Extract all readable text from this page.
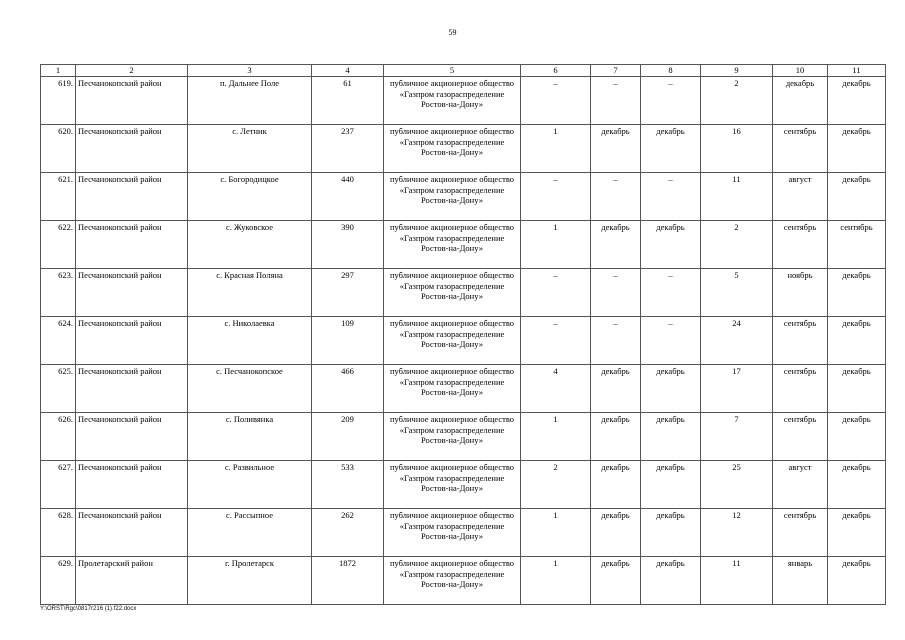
59
1	2	3	4	5	6	7	8	9	10	11
619.	Песчанокопский район	п. Дальнее Поле	61	публичное акционерное общество «Газпром газораспределение Ростов-на-Дону»	–	–	–	2	декабрь	декабрь
620.	Песчанокопский район	с. Летник	237	публичное акционерное общество «Газпром газораспределение Ростов-на-Дону»	1	декабрь	декабрь	16	сентябрь	декабрь
621.	Песчанокопский район	с. Богородицкое	440	публичное акционерное общество «Газпром газораспределение Ростов-на-Дону»	–	–	–	11	август	декабрь
622.	Песчанокопский район	с. Жуковское	390	публичное акционерное общество «Газпром газораспределение Ростов-на-Дону»	1	декабрь	декабрь	2	сентябрь	сентябрь
623.	Песчанокопский район	с. Красная Поляна	297	публичное акционерное общество «Газпром газораспределение Ростов-на-Дону»	–	–	–	5	ноябрь	декабрь
624.	Песчанокопский район	с. Николаевка	109	публичное акционерное общество «Газпром газораспределение Ростов-на-Дону»	–	–	–	24	сентябрь	декабрь
625.	Песчанокопский район	с. Песчанокопское	466	публичное акционерное общество «Газпром газораспределение Ростов-на-Дону»	4	декабрь	декабрь	17	сентябрь	декабрь
626.	Песчанокопский район	с. Поливянка	209	публичное акционерное общество «Газпром газораспределение Ростов-на-Дону»	1	декабрь	декабрь	7	сентябрь	декабрь
627.	Песчанокопский район	с. Развильное	533	публичное акционерное общество «Газпром газораспределение Ростов-на-Дону»	2	декабрь	декабрь	25	август	декабрь
628.	Песчанокопский район	с. Рассыпное	262	публичное акционерное общество «Газпром газораспределение Ростов-на-Дону»	1	декабрь	декабрь	12	сентябрь	декабрь
629.	Пролетарский район	г. Пролетарск	1872	публичное акционерное общество «Газпром газораспределение Ростов-на-Дону»	1	декабрь	декабрь	11	январь	декабрь
Y:\ORST\Rgc\0817r216 (1).f22.docx
